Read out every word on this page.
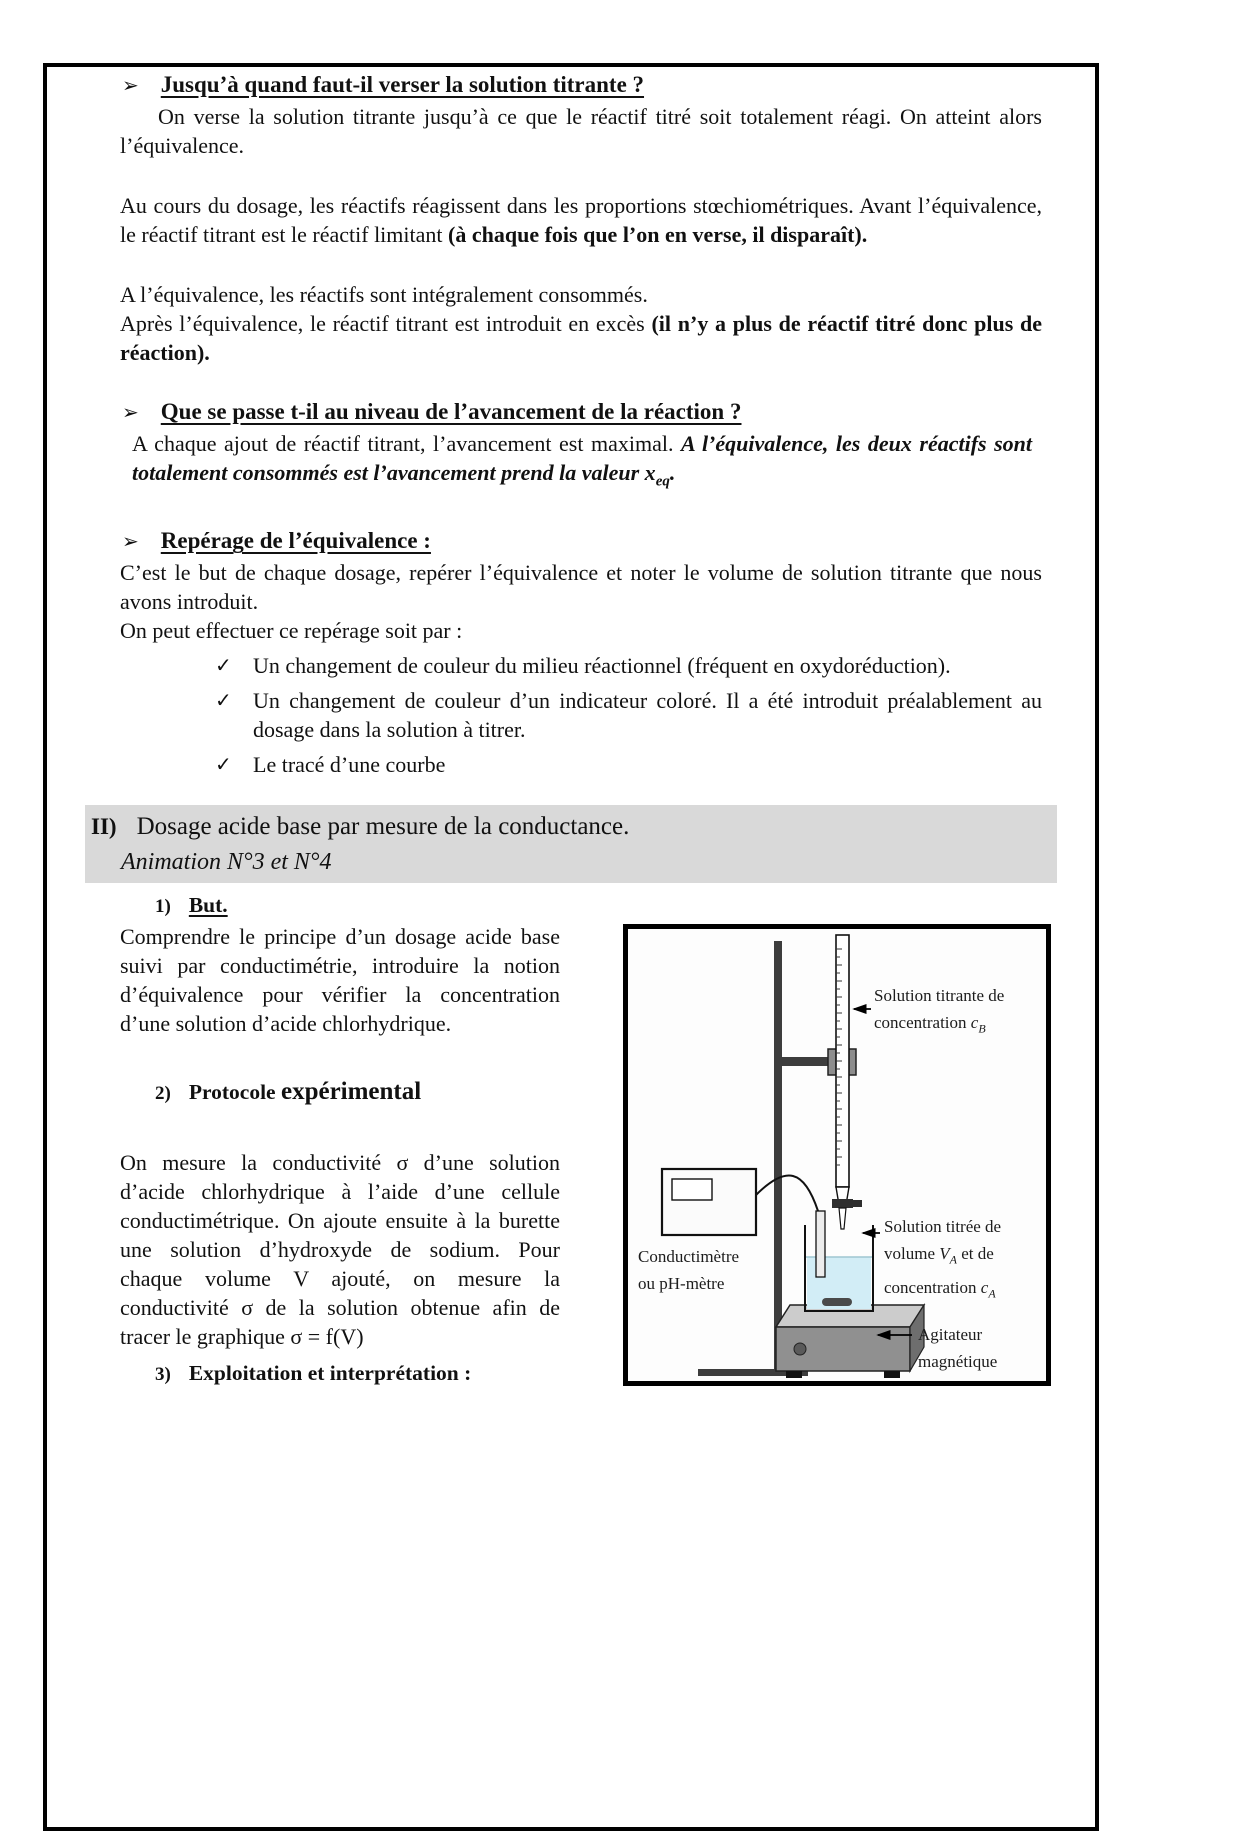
➢ Jusqu’à quand faut-il verser la solution titrante ?

On verse la solution titrante jusqu’à ce que le réactif titré soit totalement réagi. On atteint alors l’équivalence.

Au cours du dosage, les réactifs réagissent dans les proportions stœchiométriques. Avant l’équivalence, le réactif titrant est le réactif limitant (à chaque fois que l’on en verse, il disparaît).

A l’équivalence, les réactifs sont intégralement consommés.

Après l’équivalence, le réactif titrant est introduit en excès (il n’y a plus de réactif titré donc plus de réaction).

➢ Que se passe t-il au niveau de l’avancement de la réaction ?

A chaque ajout de réactif titrant, l’avancement est maximal. A l’équivalence, les deux réactifs sont totalement consommés est l’avancement prend la valeur $x_{eq}$.

➢ Repérage de l’équivalence :

C’est le but de chaque dosage, repérer l’équivalence et noter le volume de solution titrante que nous avons introduit.

On peut effectuer ce repérage soit par :

✓ Un changement de couleur du milieu réactionnel (fréquent en oxydoréduction).
✓ Un changement de couleur d’un indicateur coloré. Il a été introduit préalablement au dosage dans la solution à titrer.
✓ Le tracé d’une courbe
II) Dosage acide base par mesure de la conductance.
Animation N°3 et N°4
1) But.

Comprendre le principe d’un dosage acide base suivi par conductimétrie, introduire la notion d’équivalence pour vérifier la concentration d’une solution d’acide chlorhydrique.

2) Protocole expérimental

On mesure la conductivité σ d’une solution d’acide chlorhydrique à l’aide d’une cellule conductimétrique. On ajoute ensuite à la burette une solution d’hydroxyde de sodium. Pour chaque volume V ajouté, on mesure la conductivité σ de la solution obtenue afin de tracer le graphique σ = f(V)

3) Exploitation et interprétation :
Solution titrante de
concentration $c_B$
Conductimètre
ou pH-mètre
Solution titrée de
volume $V_A$ et de
concentration $c_A$
Agitateur
magnétique
